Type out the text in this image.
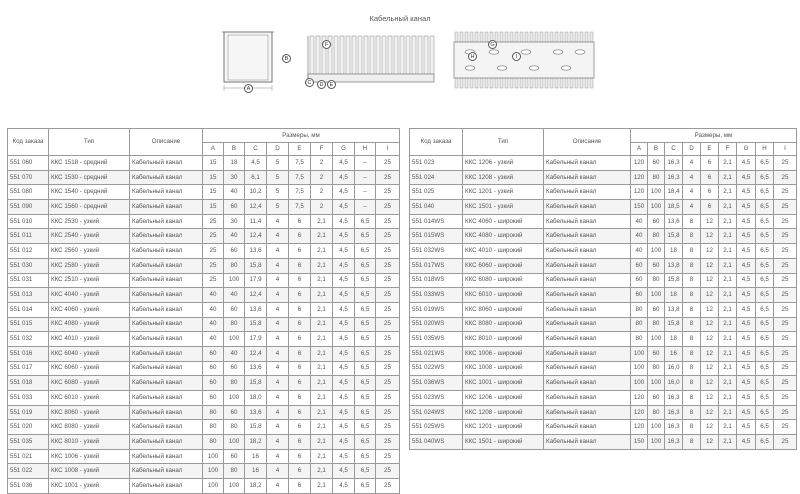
Кабельный канал
A
B
C	D	E
F	G
H	I
Код заказа	Тип	Описание	Размеры, мм								
			A	B	C	D	E	F	G	H	I
551 060	ККС 1518 - средний	Кабельный канал	15	18	4,5	5	7,5	2	4,5	--	25
551 070	ККС 1530 - средний	Кабельный канал	15	30	6,1	5	7,5	2	4,5	--	25
551 080	ККС 1540 - средний	Кабельный канал	15	40	10,2	5	7,5	2	4,5	--	25
551 090	ККС 1560 - средний	Кабельный канал	15	60	12,4	5	7,5	2	4,5	--	25
551 010	ККС 2530 - узкий	Кабельный канал	25	30	11,4	4	6	2,1	4,5	6,5	25
551 011	ККС 2540 - узкий	Кабельный канал	25	40	12,4	4	6	2,1	4,5	6,5	25
551 012	ККС 2560 - узкий	Кабельный канал	25	60	13,6	4	6	2,1	4,5	6,5	25
551 030	ККС 2580 - узкий	Кабельный канал	25	80	15,8	4	6	2,1	4,5	6,5	25
551 031	ККС 2510 - узкий	Кабельный канал	25	100	17,9	4	6	2,1	4,5	6,5	25
551 013	ККС 4040 - узкий	Кабельный канал	40	40	12,4	4	6	2,1	4,5	6,5	25
551 014	ККС 4060 - узкий	Кабельный канал	40	60	13,6	4	6	2,1	4,5	6,5	25
551 015	ККС 4080 - узкий	Кабельный канал	40	80	15,8	4	6	2,1	4,5	6,5	25
551 032	ККС 4010 - узкий	Кабельный канал	40	100	17,9	4	6	2,1	4,5	6,5	25
551 016	ККС 6040 - узкий	Кабельный канал	60	40	12,4	4	6	2,1	4,5	6,5	25
551 017	ККС 6060 - узкий	Кабельный канал	60	60	13,6	4	6	2,1	4,5	6,5	25
551 018	ККС 6080 - узкий	Кабельный канал	60	80	15,8	4	6	2,1	4,5	6,5	25
551 033	ККС 6010 - узкий	Кабельный канал	60	100	18,0	4	6	2,1	4,5	6,5	25
551 019	ККС 8060 - узкий	Кабельный канал	80	60	13,6	4	6	2,1	4,5	6,5	25
551 020	ККС 8080 - узкий	Кабельный канал	80	80	15,8	4	6	2,1	4,5	6,5	25
551 035	ККС 8010 - узкий	Кабельный канал	80	100	18,2	4	6	2,1	4,5	6,5	25
551 021	ККС 1006 - узкий	Кабельный канал	100	60	16	4	6	2,1	4,5	6,5	25
551 022	ККС 1008 - узкий	Кабельный канал	100	80	16	4	6	2,1	4,5	6,5	25
551 036	ККС 1001 - узкий	Кабельный канал	100	100	18,2	4	6	2,1	4,5	6,5	25
Код заказа	Тип	Описание	Размеры, мм								
			A	B	C	D	E	F	G	H	I
551 023	ККС 1206 - узкий	Кабельный канал	120	60	16,3	4	6	2,1	4,5	6,5	25
551 024	ККС 1208 - узкий	Кабельный канал	120	80	16,3	4	6	2,1	4,5	6,5	25
551 025	ККС 1201 - узкий	Кабельный канал	120	100	18,4	4	6	2,1	4,5	6,5	25
551 040	ККС 1501 - узкий	Кабельный канал	150	100	18,5	4	6	2,1	4,5	6,5	25
551 014WS	ККС 4060 - широкий	Кабельный канал	40	60	13,6	8	12	2,1	4,5	6,5	25
551 015WS	ККС 4080 - широкий	Кабельный канал	40	80	15,8	8	12	2,1	4,5	6,5	25
551 032WS	ККС 4010 - широкий	Кабельный канал	40	100	18	8	12	2,1	4,5	6,5	25
551 017WS	ККС 6060 - широкий	Кабельный канал	60	60	13,8	8	12	2,1	4,5	6,5	25
551 018WS	ККС 6080 - широкий	Кабельный канал	60	80	15,8	8	12	2,1	4,5	6,5	25
551 033WS	ККС 6010 - широкий	Кабельный канал	60	100	18	8	12	2,1	4,5	6,5	25
551 019WS	ККС 8060 - широкий	Кабельный канал	80	60	13,8	8	12	2,1	4,5	6,5	25
551 020WS	ККС 8080 - широкий	Кабельный канал	80	80	15,8	8	12	2,1	4,5	6,5	25
551 035WS	ККС 8010 - широкий	Кабельный канал	80	100	18	8	12	2,1	4,5	6,5	25
551 021WS	ККС 1006 - широкий	Кабельный канал	100	60	16	8	12	2,1	4,5	6,5	25
551 022WS	ККС 1008 - широкий	Кабельный канал	100	80	16,0	8	12	2,1	4,5	6,5	25
551 036WS	ККС 1001 - широкий	Кабельный канал	100	100	16,0	8	12	2,1	4,5	6,5	25
551 023WS	ККС 1206 - широкий	Кабельный канал	120	60	16,3	8	12	2,1	4,5	6,5	25
551 024WS	ККС 1208 - широкий	Кабельный канал	120	80	16,3	8	12	2,1	4,5	6,5	25
551 025WS	ККС 1201 - широкий	Кабельный канал	120	100	16,3	8	12	2,1	4,5	6,5	25
551 040WS	ККС 1501 - широкий	Кабельный канал	150	100	16,3	8	12	2,1	4,5	6,5	25
